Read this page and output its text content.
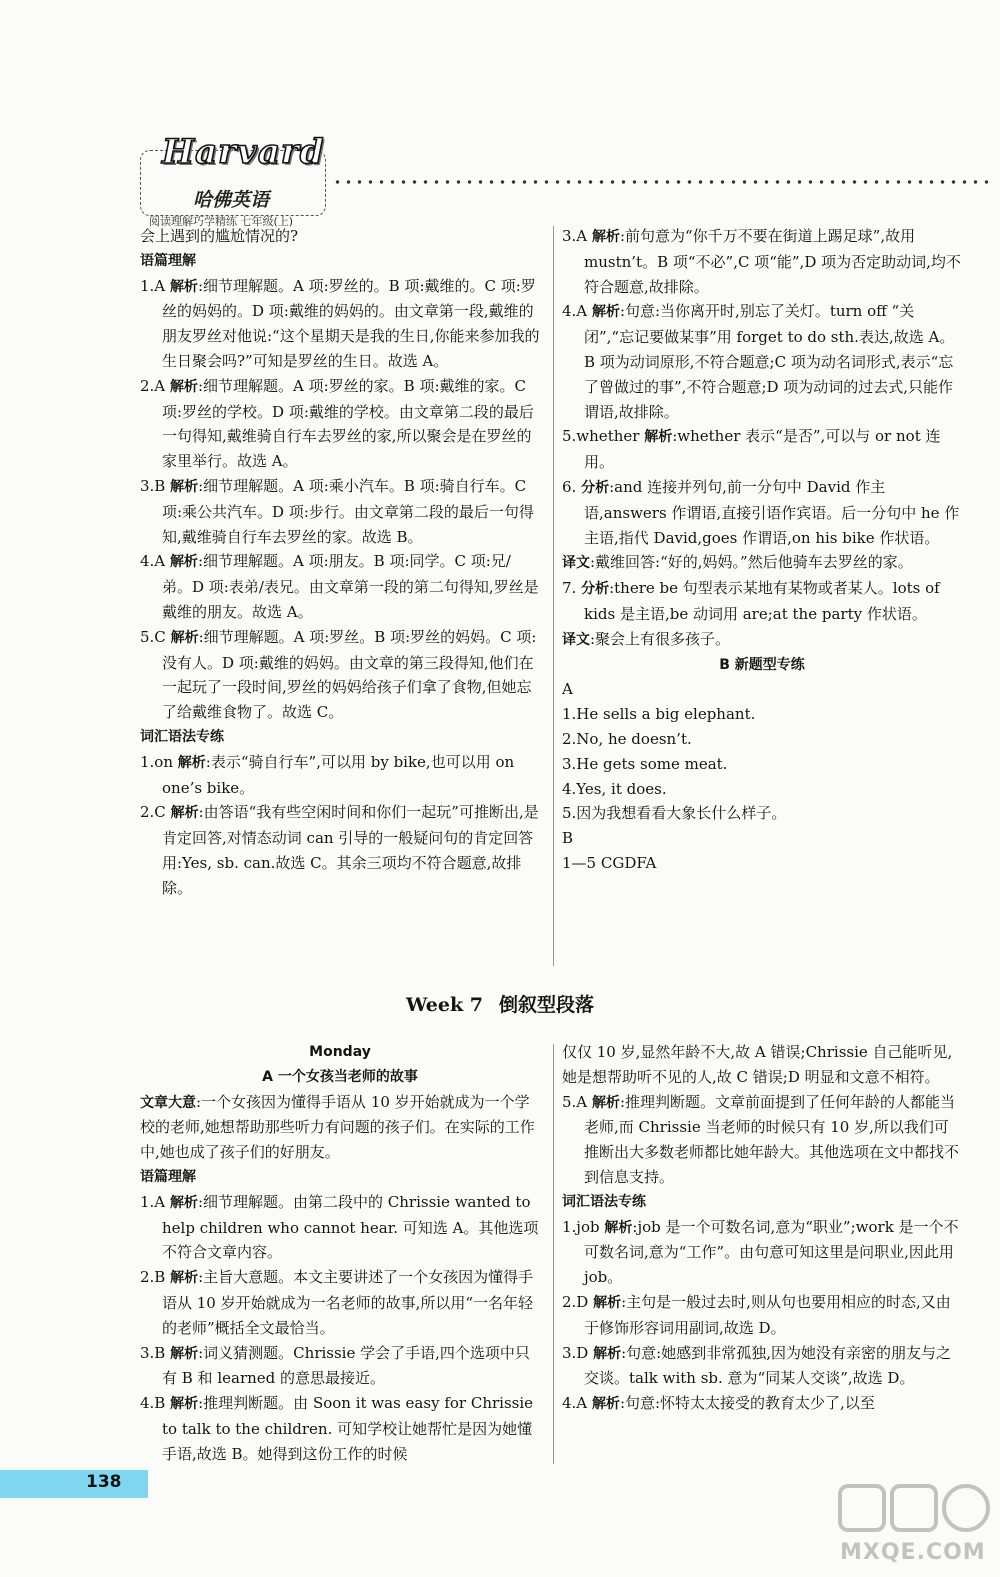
哈佛英语
阅读理解巧学精练 七年级(上)
Harvard

会上遇到的尴尬情况的?

语篇理解

1.A 解析:细节理解题。A 项:罗丝的。B 项:戴维的。C 项:罗丝的妈妈的。D 项:戴维的妈妈的。由文章第一段,戴维的朋友罗丝对他说:“这个星期天是我的生日,你能来参加我的生日聚会吗?”可知是罗丝的生日。故选 A。

2.A 解析:细节理解题。A 项:罗丝的家。B 项:戴维的家。C 项:罗丝的学校。D 项:戴维的学校。由文章第二段的最后一句得知,戴维骑自行车去罗丝的家,所以聚会是在罗丝的家里举行。故选 A。

3.B 解析:细节理解题。A 项:乘小汽车。B 项:骑自行车。C 项:乘公共汽车。D 项:步行。由文章第二段的最后一句得知,戴维骑自行车去罗丝的家。故选 B。

4.A 解析:细节理解题。A 项:朋友。B 项:同学。C 项:兄/弟。D 项:表弟/表兄。由文章第一段的第二句得知,罗丝是戴维的朋友。故选 A。

5.C 解析:细节理解题。A 项:罗丝。B 项:罗丝的妈妈。C 项:没有人。D 项:戴维的妈妈。由文章的第三段得知,他们在一起玩了一段时间,罗丝的妈妈给孩子们拿了食物,但她忘了给戴维食物了。故选 C。

词汇语法专练

1.on 解析:表示“骑自行车”,可以用 by bike,也可以用 on one’s bike。

2.C 解析:由答语“我有些空闲时间和你们一起玩”可推断出,是肯定回答,对情态动词 can 引导的一般疑问句的肯定回答用:Yes, sb. can.故选 C。其余三项均不符合题意,故排除。

3.A 解析:前句意为“你千万不要在街道上踢足球”,故用 mustn’t。B 项“不必”,C 项“能”,D 项为否定助动词,均不符合题意,故排除。

4.A 解析:句意:当你离开时,别忘了关灯。turn off “关闭”,“忘记要做某事”用 forget to do sth.表达,故选 A。B 项为动词原形,不符合题意;C 项为动名词形式,表示“忘了曾做过的事”,不符合题意;D 项为动词的过去式,只能作谓语,故排除。

5.whether 解析:whether 表示“是否”,可以与 or not 连用。

6. 分析:and 连接并列句,前一分句中 David 作主语,answers 作谓语,直接引语作宾语。后一分句中 he 作主语,指代 David,goes 作谓语,on his bike 作状语。

译文:戴维回答:“好的,妈妈。”然后他骑车去罗丝的家。

7. 分析:there be 句型表示某地有某物或者某人。lots of kids 是主语,be 动词用 are;at the party 作状语。

译文:聚会上有很多孩子。

B 新题型专练

A

1.He sells a big elephant.

2.No, he doesn’t.

3.He gets some meat.

4.Yes, it does.

5.因为我想看看大象长什么样子。

B

1—5 CGDFA

Week 7 倒叙型段落

Monday

A 一个女孩当老师的故事

文章大意:一个女孩因为懂得手语从 10 岁开始就成为一个学校的老师,她想帮助那些听力有问题的孩子们。在实际的工作中,她也成了孩子们的好朋友。

语篇理解

1.A 解析:细节理解题。由第二段中的 Chrissie wanted to help children who cannot hear. 可知选 A。其他选项不符合文章内容。

2.B 解析:主旨大意题。本文主要讲述了一个女孩因为懂得手语从 10 岁开始就成为一名老师的故事,所以用“一名年轻的老师”概括全文最恰当。

3.B 解析:词义猜测题。Chrissie 学会了手语,四个选项中只有 B 和 learned 的意思最接近。

4.B 解析:推理判断题。由 Soon it was easy for Chrissie to talk to the children. 可知学校让她帮忙是因为她懂手语,故选 B。她得到这份工作的时候

仅仅 10 岁,显然年龄不大,故 A 错误;Chrissie 自己能听见,她是想帮助听不见的人,故 C 错误;D 明显和文意不相符。

5.A 解析:推理判断题。文章前面提到了任何年龄的人都能当老师,而 Chrissie 当老师的时候只有 10 岁,所以我们可推断出大多数老师都比她年龄大。其他选项在文中都找不到信息支持。

词汇语法专练

1.job 解析:job 是一个可数名词,意为“职业”;work 是一个不可数名词,意为“工作”。由句意可知这里是问职业,因此用 job。

2.D 解析:主句是一般过去时,则从句也要用相应的时态,又由于修饰形容词用副词,故选 D。

3.D 解析:句意:她感到非常孤独,因为她没有亲密的朋友与之交谈。talk with sb. 意为“同某人交谈”,故选 D。

4.A 解析:句意:怀特太太接受的教育太少了,以至

138
MXQE.COM
